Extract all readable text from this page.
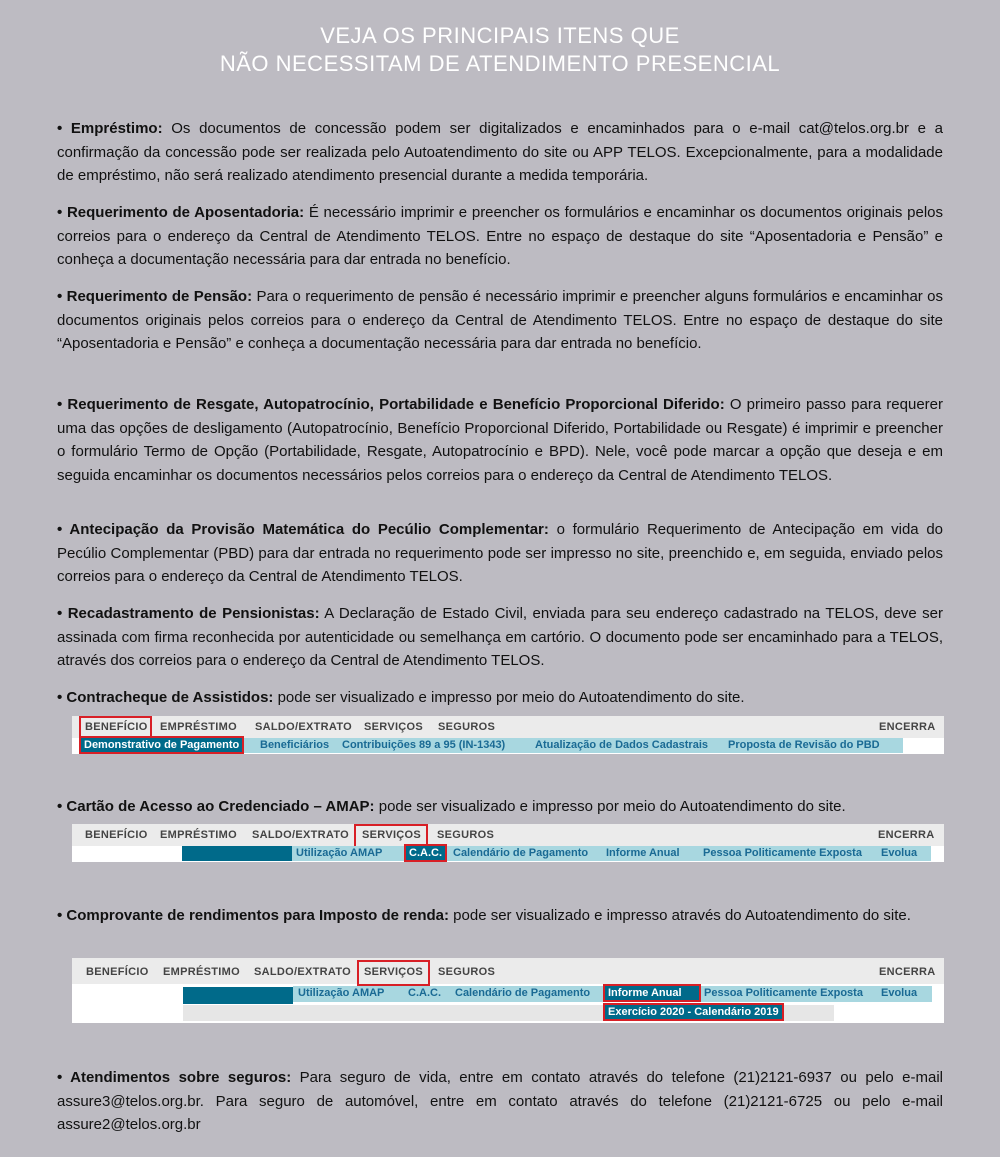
VEJA OS PRINCIPAIS ITENS QUE
NÃO NECESSITAM DE ATENDIMENTO PRESENCIAL

• Empréstimo: Os documentos de concessão podem ser digitalizados e encaminhados para o e-mail cat@telos.org.br e a confirmação da concessão pode ser realizada pelo Autoatendimento do site ou APP TELOS. Excepcionalmente, para a modalidade de empréstimo, não será realizado atendimento presencial durante a medida temporária.

• Requerimento de Aposentadoria: É necessário imprimir e preencher os formulários e encaminhar os documentos originais pelos correios para o endereço da Central de Atendimento TELOS. Entre no espaço de destaque do site “Aposentadoria e Pensão” e conheça a documentação necessária para dar entrada no benefício.

• Requerimento de Pensão: Para o requerimento de pensão é necessário imprimir e preencher alguns formulários e encaminhar os documentos originais pelos correios para o endereço da Central de Atendimento TELOS. Entre no espaço de destaque do site “Aposentadoria e Pensão” e conheça a documentação necessária para dar entrada no benefício.

• Requerimento de Resgate, Autopatrocínio, Portabilidade e Benefício Proporcional Diferido: O primeiro passo para requerer uma das opções de desligamento (Autopatrocínio, Benefício Proporcional Diferido, Portabilidade ou Resgate) é imprimir e preencher o formulário Termo de Opção (Portabilidade, Resgate, Autopatrocínio e BPD). Nele, você pode marcar a opção que deseja e em seguida encaminhar os documentos necessários pelos correios para o endereço da Central de Atendimento TELOS.

• Antecipação da Provisão Matemática do Pecúlio Complementar: o formulário Requerimento de Antecipação em vida do Pecúlio Complementar (PBD) para dar entrada no requerimento pode ser impresso no site, preenchido e, em seguida, enviado pelos correios para o endereço da Central de Atendimento TELOS.

• Recadastramento de Pensionistas: A Declaração de Estado Civil, enviada para seu endereço cadastrado na TELOS, deve ser assinada com firma reconhecida por autenticidade ou semelhança em cartório. O documento pode ser encaminhado para a TELOS, através dos correios para o endereço da Central de Atendimento TELOS.

• Contracheque de Assistidos: pode ser visualizado e impresso por meio do Autoatendimento do site.

BENEFÍCIO EMPRÉSTIMO SALDO/EXTRATO SERVIÇOS SEGUROS	ENCERRA
Beneficiários Contribuições 89 a 95 (IN-1343)	Atualização de Dados Cadastrais Proposta de Revisão do PBD
Demonstrativo de Pagamento

• Cartão de Acesso ao Credenciado – AMAP: pode ser visualizado e impresso por meio do Autoatendimento do site.

BENEFÍCIO EMPRÉSTIMO SALDO/EXTRATO SERVIÇOS SEGUROS	ENCERRA
Utilização AMAP	Calendário de Pagamento Informe Anual Pessoa Politicamente Exposta Evolua
C.A.C.

• Comprovante de rendimentos para Imposto de renda: pode ser visualizado e impresso através do Autoatendimento do site.

BENEFÍCIO EMPRÉSTIMO SALDO/EXTRATO SERVIÇOS SEGUROS	ENCERRA
Utilização AMAP C.A.C. Calendário de Pagamento	Pessoa Politicamente Exposta Evolua
Informe Anual
Exercício 2020 - Calendário 2019

• Atendimentos sobre seguros: Para seguro de vida, entre em contato através do telefone (21)2121-6937 ou pelo e-mail assure3@telos.org.br. Para seguro de automóvel, entre em contato através do telefone (21)2121-6725 ou pelo e-mail assure2@telos.org.br
